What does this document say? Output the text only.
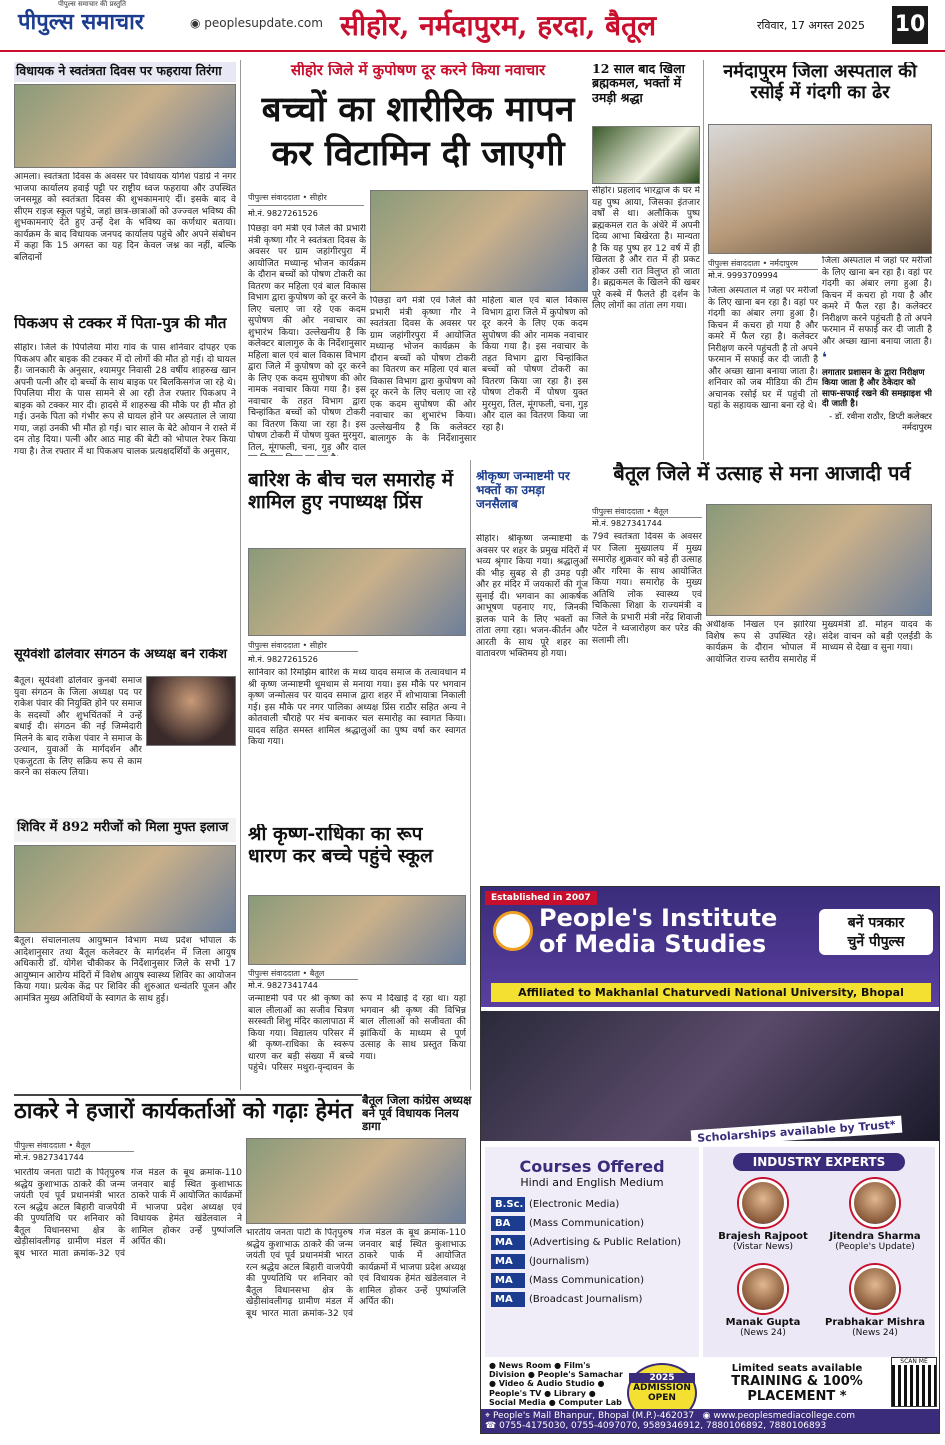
पीपुल्स समाचार की प्रस्तुति
पीपुल्स समाचार	◉ peoplesupdate.com सीहोर, नर्मदापुरम, हरदा, बैतूल	रविवार, 17 अगस्त 2025 10
विधायक ने स्वतंत्रता दिवस पर फहराया तिरंगा
आमला। स्वतंत्रता दिवस के अवसर पर विधायक योगेश पंडाग्रे ने नगर भाजपा कार्यालय हवाई पट्टी पर राष्ट्रीय ध्वज फहराया और उपस्थित जनसमूह को स्वतंत्रता दिवस की शुभकामनाएं दीं। इसके बाद वे सीएम राइज स्कूल पहुंचे, जहां छात्र-छात्राओं को उज्ज्वल भविष्य की शुभकामनाएं देते हुए उन्हें देश के भविष्य का कर्णधार बताया। कार्यक्रम के बाद विधायक जनपद कार्यालय पहुंचे और अपने संबोधन में कहा कि 15 अगस्त का यह दिन केवल जश्न का नहीं, बल्कि बलिदानों
पिकअप से टक्कर में पिता-पुत्र की मौत
सीहोर। जिले के पिपलिया मीरा गांव के पास शनिवार दोपहर एक पिकअप और बाइक की टक्कर में दो लोगों की मौत हो गई। दो घायल हैं। जानकारी के अनुसार, श्यामपुर निवासी 28 वर्षीय शाहरुख खान अपनी पत्नी और दो बच्चों के साथ बाइक पर बिलकिसगंज जा रहे थे। पिपलिया मीरा के पास सामने से आ रही तेज रफ्तार पिकअप ने बाइक को टक्कर मार दी। हादसे में शाहरुख की मौके पर ही मौत हो गई। उनके पिता को गंभीर रूप से घायल होने पर अस्पताल ले जाया गया, जहां उनकी भी मौत हो गई। चार साल के बेटे ओयान ने रास्ते में दम तोड़ दिया। पत्नी और आठ माह की बेटी को भोपाल रेफर किया गया है। तेज रफ्तार में था पिकअप चालक प्रत्यक्षदर्शियों के अनुसार,
सूर्यवंशी ढोलेवार संगठन के अध्यक्ष बने राकेश
बैतूल। सूर्यवंशी ढोलेवार कुनबी समाज युवा संगठन के जिला अध्यक्ष पद पर राकेश पंवार की नियुक्ति होने पर समाज के सदस्यों और शुभचिंतकों ने उन्हें बधाई दी। संगठन की नई जिम्मेदारी मिलने के बाद राकेश पंवार ने समाज के उत्थान, युवाओं के मार्गदर्शन और एकजुटता के लिए सक्रिय रूप से काम करने का संकल्प लिया।
शिविर में 892 मरीजों को मिला मुफ्त इलाज
बैतूल। संचालनालय आयुष्मान विभाग मध्य प्रदेश भोपाल के आदेशानुसार तथा बैतूल कलेक्टर के मार्गदर्शन में जिला आयुष अधिकारी डॉ. योगेश चौकीकर के निर्देशानुसार जिले के सभी 17 आयुष्मान आरोग्य मंदिरों में विशेष आयुष स्वास्थ्य शिविर का आयोजन किया गया। प्रत्येक केंद्र पर शिविर की शुरुआत धन्वंतरि पूजन और आमंत्रित मुख्य अतिथियों के स्वागत के साथ हुई।
सीहोर जिले में कुपोषण दूर करने किया नवाचार
बच्चों का शारीरिक मापन कर विटामिन दी जाएगी
पीपुल्स संवाददाता • सीहोर
मो.नं. 9827261526
पिछड़ा वर्ग मंत्री एवं जिले की प्रभारी मंत्री कृष्णा गौर ने स्वतंत्रता दिवस के अवसर पर ग्राम जहांगीरपुरा में आयोजित मध्यान्ह भोजन कार्यक्रम के दौरान बच्चों को पोषण टोकरी का वितरण कर महिला एवं बाल विकास विभाग द्वारा कुपोषण को दूर करने के लिए चलाए जा रहे एक कदम सुपोषण की ओर नवाचार का शुभारंभ किया। उल्लेखनीय है कि कलेक्टर बालागुरु के के निर्देशानुसार महिला बाल एवं बाल विकास विभाग द्वारा जिले में कुपोषण को दूर करने के लिए एक कदम सुपोषण की ओर नामक नवाचार किया गया है। इस नवाचार के तहत विभाग द्वारा चिन्हांकित बच्चों को पोषण टोकरी का वितरण किया जा रहा है। इस पोषण टोकरी में पोषण युक्त मुरमुरा, तिल, मूंगफली, चना, गुड़ और दाल
पिछड़ा वर्ग मंत्री एवं जिले की प्रभारी मंत्री कृष्णा गौर ने स्वतंत्रता दिवस के अवसर पर ग्राम जहांगीरपुरा में आयोजित मध्यान्ह भोजन कार्यक्रम के दौरान बच्चों को पोषण टोकरी का वितरण कर महिला एवं बाल विकास विभाग द्वारा कुपोषण को दूर करने के लिए चलाए जा रहे एक कदम सुपोषण की ओर नवाचार का शुभारंभ किया। उल्लेखनीय है कि कलेक्टर बालागुरु के के निर्देशानुसार महिला बाल एवं बाल विकास विभाग द्वारा जिले में कुपोषण को दूर करने के लिए एक कदम सुपोषण की ओर नामक नवाचार किया गया है। इस नवाचार के तहत विभाग द्वारा चिन्हांकित बच्चों को पोषण टोकरी का वितरण किया जा रहा है। इस पोषण टोकरी में पोषण युक्त मुरमुरा, तिल, मूंगफली, चना, गुड़ और दाल का वितरण किया जा रहा है।
बारिश के बीच चल समारोह में शामिल हुए नपाध्यक्ष प्रिंस
पीपुल्स संवाददाता • सीहोर
मो.नं. 9827261526
सानिवार को रिमझिम बारिश के मध्य यादव समाज के तत्वावधान में श्री कृष्ण जन्माष्टमी धूमधाम से मनाया गया। इस मौके पर भगवान कृष्ण जन्मोत्सव पर यादव समाज द्वारा शहर में शोभायात्रा निकाली गई। इस मौके पर नगर पालिका अध्यक्ष प्रिंस राठौर सहित अन्य ने कोतवाली चौराहे पर मंच बनाकर चल समारोह का स्वागत किया। यादव सहित समस्त शामिल श्रद्धालुओं का पुष्प वर्षा कर स्वागत किया गया।
श्री कृष्ण-राधिका का रूप धारण कर बच्चे पहुंचे स्कूल
पीपुल्स संवाददाता • बैतूल
मो.नं. 9827341744
जन्माष्टमी पर्व पर श्री कृष्ण को बाल लीलाओं का सजीव चित्रण सरस्वती शिशु मंदिर कालापाठा में किया गया। विद्यालय परिसर में श्री कृष्ण-राधिका के स्वरूप धारण कर बड़ी संख्या में बच्चे पहुंचे। परिसर मथुरा-वृन्दावन के रूप में दिखाई दे रहा था। यहां भगवान श्री कृष्ण की विभिन्न बाल लीलाओं को सजीवता की झांकियों के माध्यम से पूर्ण उत्साह के साथ प्रस्तुत किया गया।
12 साल बाद खिला ब्रह्मकमल, भक्तों में उमड़ी श्रद्धा
सीहोर। प्रहलाद भारद्वाज के घर में यह पुष्प आया, जिसका इंतजार वर्षों से था। अलौकिक पुष्प ब्रह्मकमल रात के अंधेरे में अपनी दिव्य आभा बिखेरता है। मान्यता है कि यह पुष्प हर 12 वर्ष में ही खिलता है और रात में ही प्रकट होकर उसी रात विलुप्त हो जाता है। ब्रह्मकमल के खिलने की खबर पूरे कस्बे में फैलते ही दर्शन के लिए लोगों का तांता लग गया।
श्रीकृष्ण जन्माष्टमी पर भक्तों का उमड़ा जनसैलाब
सीहोर। श्रीकृष्ण जन्माष्टमी के अवसर पर शहर के प्रमुख मंदिरों में भव्य श्रृंगार किया गया। श्रद्धालुओं की भीड़ सुबह से ही उमड़ पड़ी और हर मंदिर में जयकारों की गूंज सुनाई दी। भगवान का आकर्षक आभूषण पहनाए गए, जिनकी झलक पाने के लिए भक्तों का तांता लगा रहा। भजन-कीर्तन और आरती के साथ पूरे शहर का वातावरण भक्तिमय हो गया।
नर्मदापुरम जिला अस्पताल की रसोई में गंदगी का ढेर
पीपुल्स संवाददाता • नर्मदापुरम
मो.नं. 9993709994
जिला अस्पताल में जहां पर मरीजों के लिए खाना बन रहा है। वहां पर गंदगी का अंबार लगा हुआ है। किचन में कचरा हो गया है और कमरे में फैल रहा है। कलेक्टर निरीक्षण करने पहुंचती है तो अपने फरमान में सफाई कर दी जाती है और अच्छा खाना बनाया जाता है। शनिवार को जब मीडिया की टीम अचानक रसोई घर में पहुंची तो यहां के सहायक खाना बना रहे थे।
जिला अस्पताल में जहां पर मरीजों के लिए खाना बन रहा है। वहां पर गंदगी का अंबार लगा हुआ है। किचन में कचरा हो गया है और कमरे में फैल रहा है। कलेक्टर निरीक्षण करने पहुंचती है तो अपने फरमान में सफाई कर दी जाती है और अच्छा खाना बनाया जाता है।
❛
लगातार प्रशासन के द्वारा निरीक्षण किया जाता है और ठेकेदार को साफ-सफाई रखने की समझाइश भी दी जाती है।
- डॉ. रवीना राठौर, डिप्टी कलेक्टर नर्मदापुरम
बैतूल जिले में उत्साह से मना आजादी पर्व
पीपुल्स संवाददाता • बैतूल
मो.नं. 9827341744
79वें स्वतंत्रता दिवस के अवसर पर जिला मुख्यालय में मुख्य समारोह शुक्रवार को बड़े ही उत्साह और गरिमा के साथ आयोजित किया गया। समारोह के मुख्य अतिथि लोक स्वास्थ्य एवं चिकित्सा शिक्षा के राज्यमंत्री व जिले के प्रभारी मंत्री नरेंद्र शिवाजी पटेल ने ध्वजारोहण कर परेड की सलामी ली।
अधीक्षक निखल एन झारिया विशेष रूप से उपस्थित रहे। कार्यक्रम के दौरान भोपाल में आयोजित राज्य स्तरीय समारोह में मुख्यमंत्री डॉ. मोहन यादव के संदेश वाचन को बड़ी एलईडी के माध्यम से देखा व सुना गया।
Established in 2007
People's Institute
of Media Studies
बनें पत्रकार
चुनें पीपुल्स
Affiliated to Makhanlal Chaturvedi National University, Bhopal
Scholarships available by Trust*
Courses Offered
Hindi and English Medium
B.Sc. (Electronic Media)
BA	(Mass Communication)
MA	(Advertising & Public Relation)
MA	(Journalism)
MA	(Mass Communication)
MA	(Broadcast Journalism)
INDUSTRY EXPERTS
Brajesh Rajpoot
(Vistar News)
Jitendra Sharma
(People's Update)
Manak Gupta
(News 24)
Prabhakar Mishra
(News 24)
2025
ADMISSION
OPEN
Limited seats available
TRAINING & 100%
PLACEMENT *
SCAN ME
⌖ People's Mall Bhanpur, Bhopal (M.P.)-462037 ◉ www.peoplesmediacollege.com
☎ 0755-4175030, 0755-4097070, 9589346912, 7880106892, 7880106893
● News Room ● Film's Division ● People's Samachar ● Video & Audio Studio ● People's TV ● Library ● Social Media ● Computer Lab
ठाकरे ने हजारों कार्यकर्ताओं को गढ़ाः हेमंत
पीपुल्स संवाददाता • बैतूल
मो.नं. 9827341744
भारतीय जनता पार्टी के पितृपुरुष श्रद्धेय कुशाभाऊ ठाकरे की जन्म जयंती एवं पूर्व प्रधानमंत्री भारत रत्न श्रद्धेय अटल बिहारी वाजपेयी की पुण्यतिथि पर शनिवार को बैतूल विधानसभा क्षेत्र के खेड़ीसांवलीगढ़ ग्रामीण मंडल में बूथ भारत माता क्रमांक-32 एवं गंज मंडल के बूथ क्रमांक-110 जनवार बाई स्थित कुशाभाऊ ठाकरे पार्क में आयोजित कार्यक्रमों में भाजपा प्रदेश अध्यक्ष एवं विधायक हेमंत खंडेलवाल ने शामिल होकर उन्हें पुष्पांजलि अर्पित की।
भारतीय जनता पार्टी के पितृपुरुष श्रद्धेय कुशाभाऊ ठाकरे की जन्म जयंती एवं पूर्व प्रधानमंत्री भारत रत्न श्रद्धेय अटल बिहारी वाजपेयी की पुण्यतिथि पर शनिवार को बैतूल विधानसभा क्षेत्र के खेड़ीसांवलीगढ़ ग्रामीण मंडल में बूथ भारत माता क्रमांक-32 एवं गंज मंडल के बूथ क्रमांक-110 जनवार बाई स्थित कुशाभाऊ ठाकरे पार्क में आयोजित कार्यक्रमों में भाजपा प्रदेश अध्यक्ष एवं विधायक हेमंत खंडेलवाल ने शामिल होकर उन्हें पुष्पांजलि अर्पित की।
बैतूल जिला कांग्रेस अध्यक्ष बने पूर्व विधायक निलय डागा
